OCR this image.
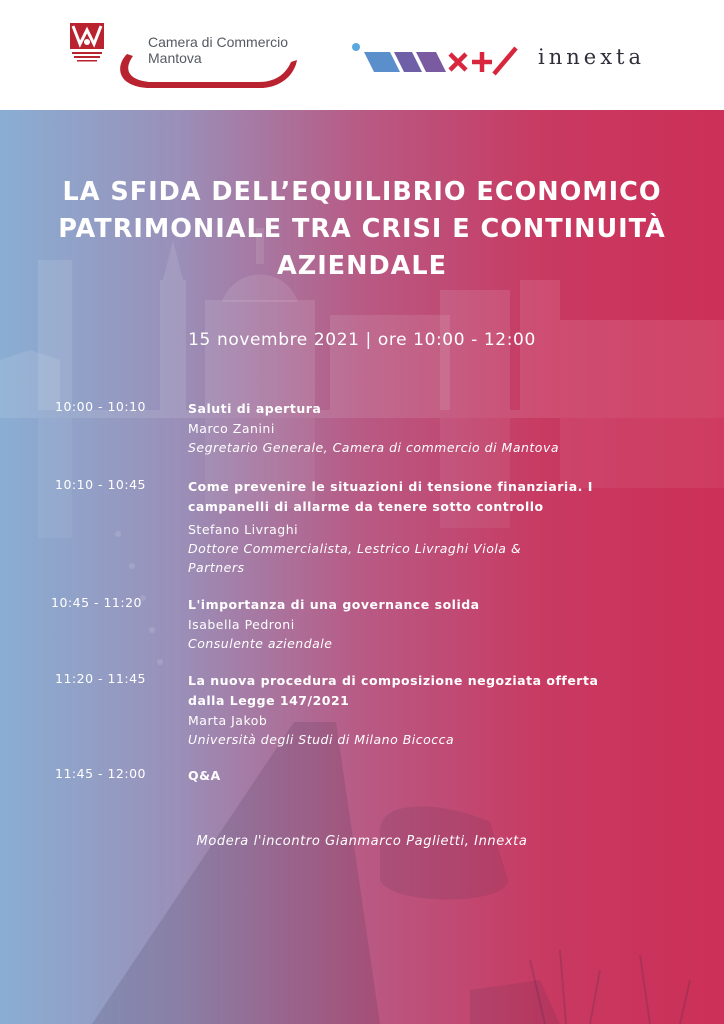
Camera di Commercio
Mantova	innexta
LA SFIDA DELL’EQUILIBRIO ECONOMICO
PATRIMONIALE TRA CRISI E CONTINUITÀ
AZIENDALE
15 novembre 2021 | ore 10:00 - 12:00
10:00 - 10:10	Saluti di apertura
Marco Zanini
Segretario Generale, Camera di commercio di Mantova
10:10 - 10:45	Come prevenire le situazioni di tensione finanziaria. I
campanelli di allarme da tenere sotto controllo
Stefano Livraghi
Dottore Commercialista, Lestrico Livraghi Viola &
Partners
10:45 - 11:20	L'importanza di una governance solida
Isabella Pedroni
Consulente aziendale
11:20 - 11:45	La nuova procedura di composizione negoziata offerta
dalla Legge 147/2021
Marta Jakob
Università degli Studi di Milano Bicocca
11:45 - 12:00	Q&A
Modera l'incontro Gianmarco Paglietti, Innexta
